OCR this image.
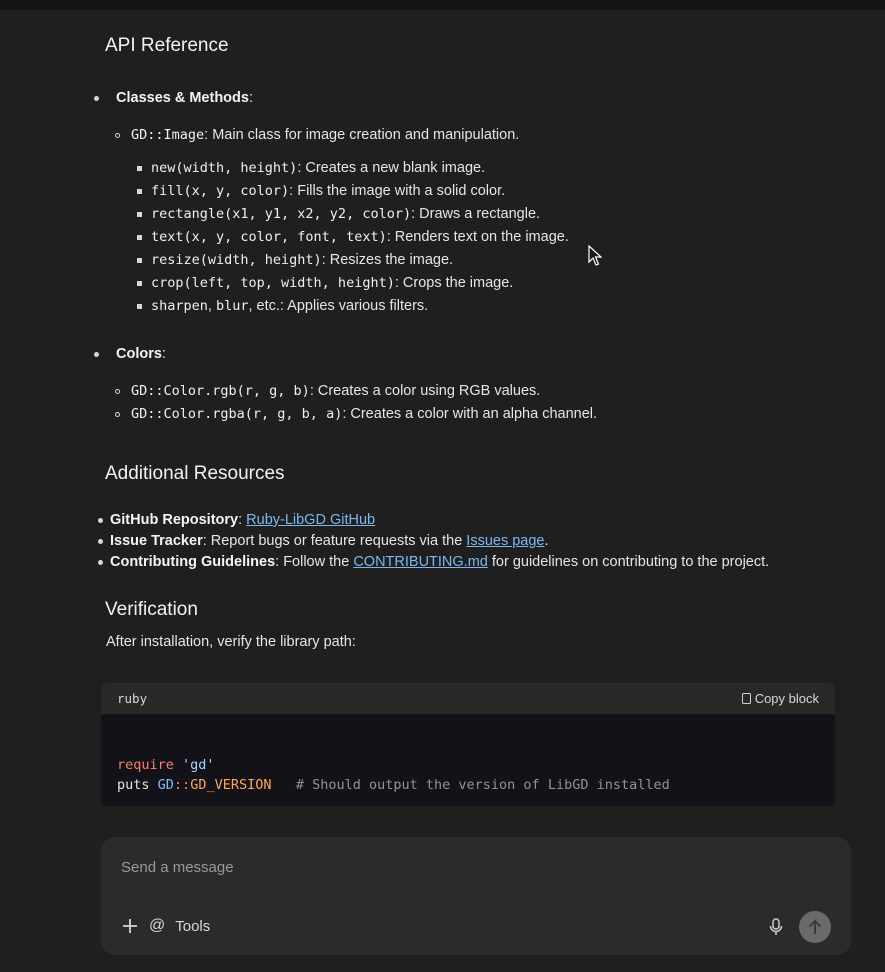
API Reference
Classes & Methods:
GD::Image: Main class for image creation and manipulation.
new(width, height): Creates a new blank image.
fill(x, y, color): Fills the image with a solid color.
rectangle(x1, y1, x2, y2, color): Draws a rectangle.
text(x, y, color, font, text): Renders text on the image.
resize(width, height): Resizes the image.
crop(left, top, width, height): Crops the image.
sharpen, blur, etc.: Applies various filters.
Colors:
GD::Color.rgb(r, g, b): Creates a color using RGB values.
GD::Color.rgba(r, g, b, a): Creates a color with an alpha channel.
Additional Resources
GitHub Repository: Ruby-LibGD GitHub
Issue Tracker: Report bugs or feature requests via the Issues page.
Contributing Guidelines: Follow the CONTRIBUTING.md for guidelines on contributing to the project.
Verification
After installation, verify the library path:
ruby	Copy block
require 'gd'
puts GD::GD_VERSION # Should output the version of LibGD installed
Send a message
@ Tools
